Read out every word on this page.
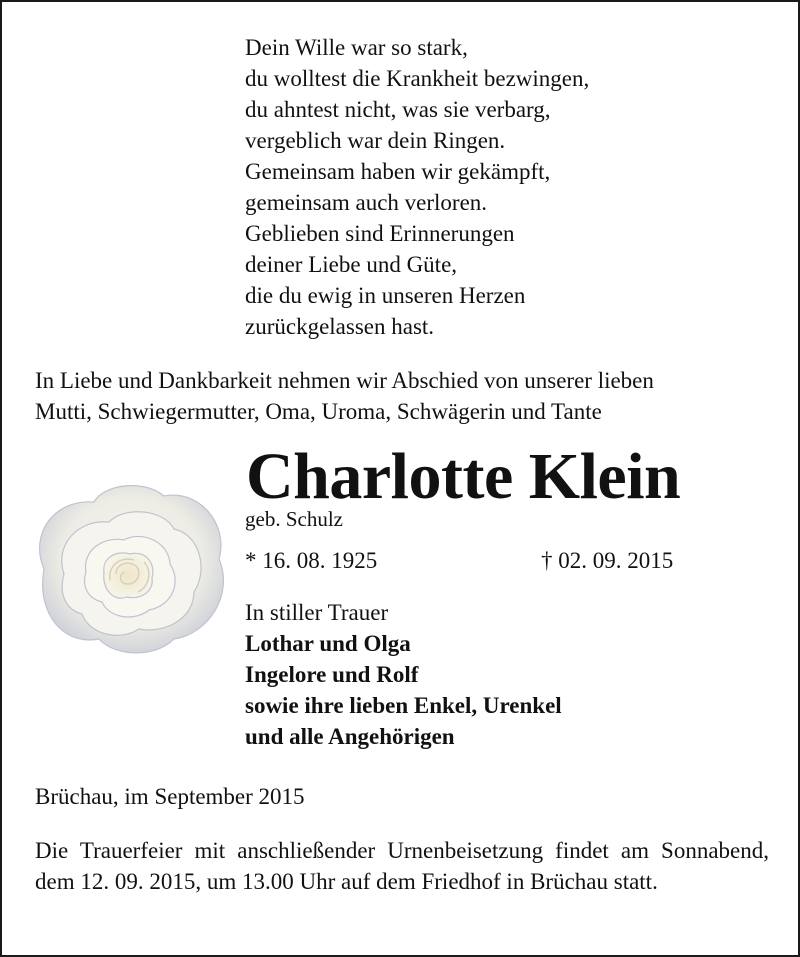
Dein Wille war so stark,
du wolltest die Krankheit bezwingen,
du ahntest nicht, was sie verbarg,
vergeblich war dein Ringen.
Gemeinsam haben wir gekämpft,
gemeinsam auch verloren.
Geblieben sind Erinnerungen
deiner Liebe und Güte,
die du ewig in unseren Herzen
zurückgelassen hast.
In Liebe und Dankbarkeit nehmen wir Abschied von unserer lieben
Mutti, Schwiegermutter, Oma, Uroma, Schwägerin und Tante
Charlotte Klein
geb. Schulz
* 16. 08. 1925	† 02. 09. 2015
In stiller Trauer
Lothar und Olga
Ingelore und Rolf
sowie ihre lieben Enkel, Urenkel
und alle Angehörigen
Brüchau, im September 2015
Die Trauerfeier mit anschließender Urnenbeisetzung findet am Sonnabend, dem 12. 09. 2015, um 13.00 Uhr auf dem Friedhof in Brüchau statt.
